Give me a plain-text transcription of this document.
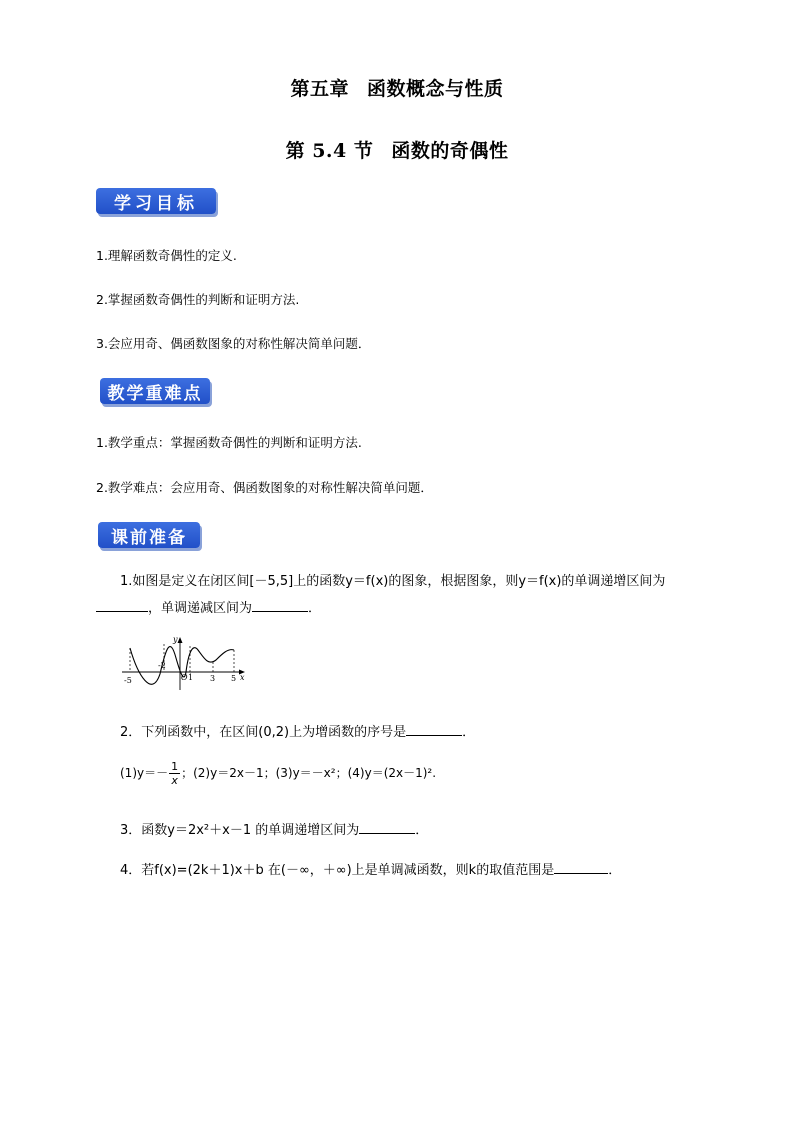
第五章 函数概念与性质
第 5.4 节 函数的奇偶性
学习目标
1.理解函数奇偶性的定义.
2.掌握函数奇偶性的判断和证明方法.
3.会应用奇、偶函数图象的对称性解决简单问题．
教学重难点
1.教学重点：掌握函数奇偶性的判断和证明方法.
2.教学难点：会应用奇、偶函数图象的对称性解决简单问题．
课前准备
1.如图是定义在闭区间[－5,5]上的函数y＝f(x)的图象，根据图象，则y＝f(x)的单调递增区间为
，单调递减区间为	．
y
x
O
-5
-2
1 3 5
2．下列函数中，在区间(0,2)上为增函数的序号是	．
$(1)y=- \frac{1}{x}$ ；(2)y＝2x－1；(3)y＝－x²；(4)y＝(2x－1)².
3．函数y＝2x²＋x－1 的单调递增区间为	．
4．若f(x)=(2k＋1)x＋b 在(－∞，＋∞)上是单调减函数，则k的取值范围是	．
